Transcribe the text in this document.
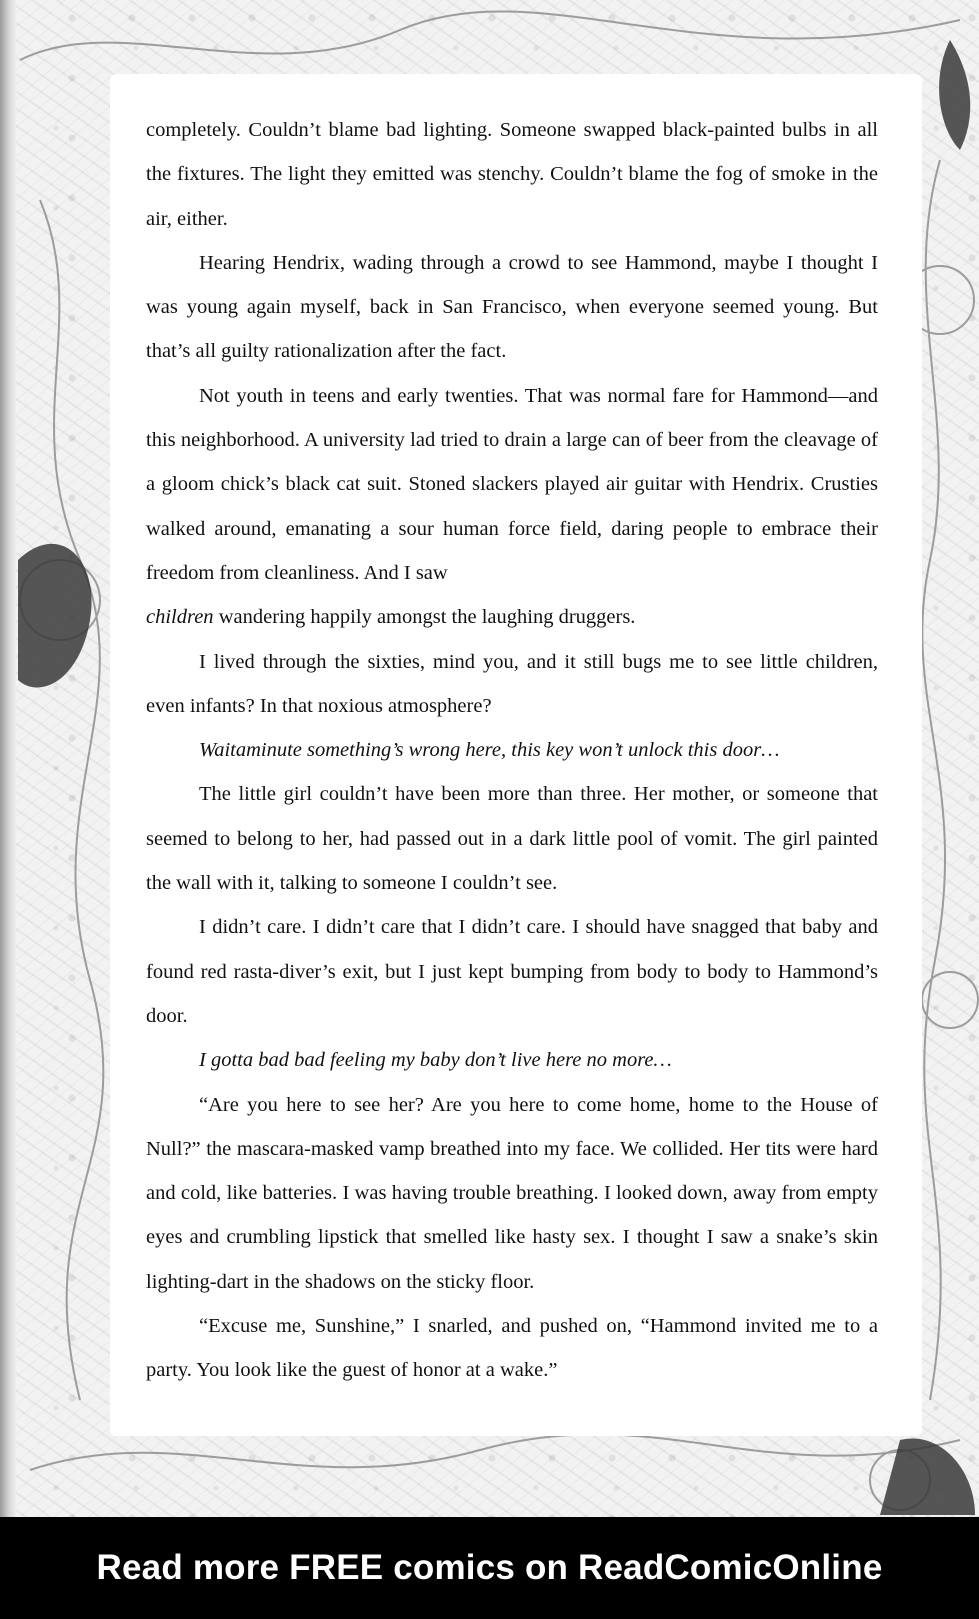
completely. Couldn’t blame bad lighting. Someone swapped black-painted bulbs in all the fixtures. The light they emitted was stenchy. Couldn’t blame the fog of smoke in the air, either.

Hearing Hendrix, wading through a crowd to see Hammond, maybe I thought I was young again myself, back in San Francisco, when everyone seemed young. But that’s all guilty rationalization after the fact.

Not youth in teens and early twenties. That was normal fare for Hammond—and this neighborhood. A university lad tried to drain a large can of beer from the cleavage of a gloom chick’s black cat suit. Stoned slackers played air guitar with Hendrix. Crusties walked around, emanating a sour human force field, daring people to embrace their freedom from cleanliness. And I saw

children wandering happily amongst the laughing druggers.

I lived through the sixties, mind you, and it still bugs me to see little children, even infants? In that noxious atmosphere?

Waitaminute something’s wrong here, this key won’t unlock this door…

The little girl couldn’t have been more than three. Her mother, or someone that seemed to belong to her, had passed out in a dark little pool of vomit. The girl painted the wall with it, talking to someone I couldn’t see.

I didn’t care. I didn’t care that I didn’t care. I should have snagged that baby and found red rasta-diver’s exit, but I just kept bumping from body to body to Hammond’s door.

I gotta bad bad feeling my baby don’t live here no more…

“Are you here to see her? Are you here to come home, home to the House of Null?” the mascara-masked vamp breathed into my face. We collided. Her tits were hard and cold, like batteries. I was having trouble breathing. I looked down, away from empty eyes and crumbling lipstick that smelled like hasty sex. I thought I saw a snake’s skin lighting-dart in the shadows on the sticky floor.

“Excuse me, Sunshine,” I snarled, and pushed on, “Hammond invited me to a party. You look like the guest of honor at a wake.”

Read more FREE comics on ReadComicOnline
